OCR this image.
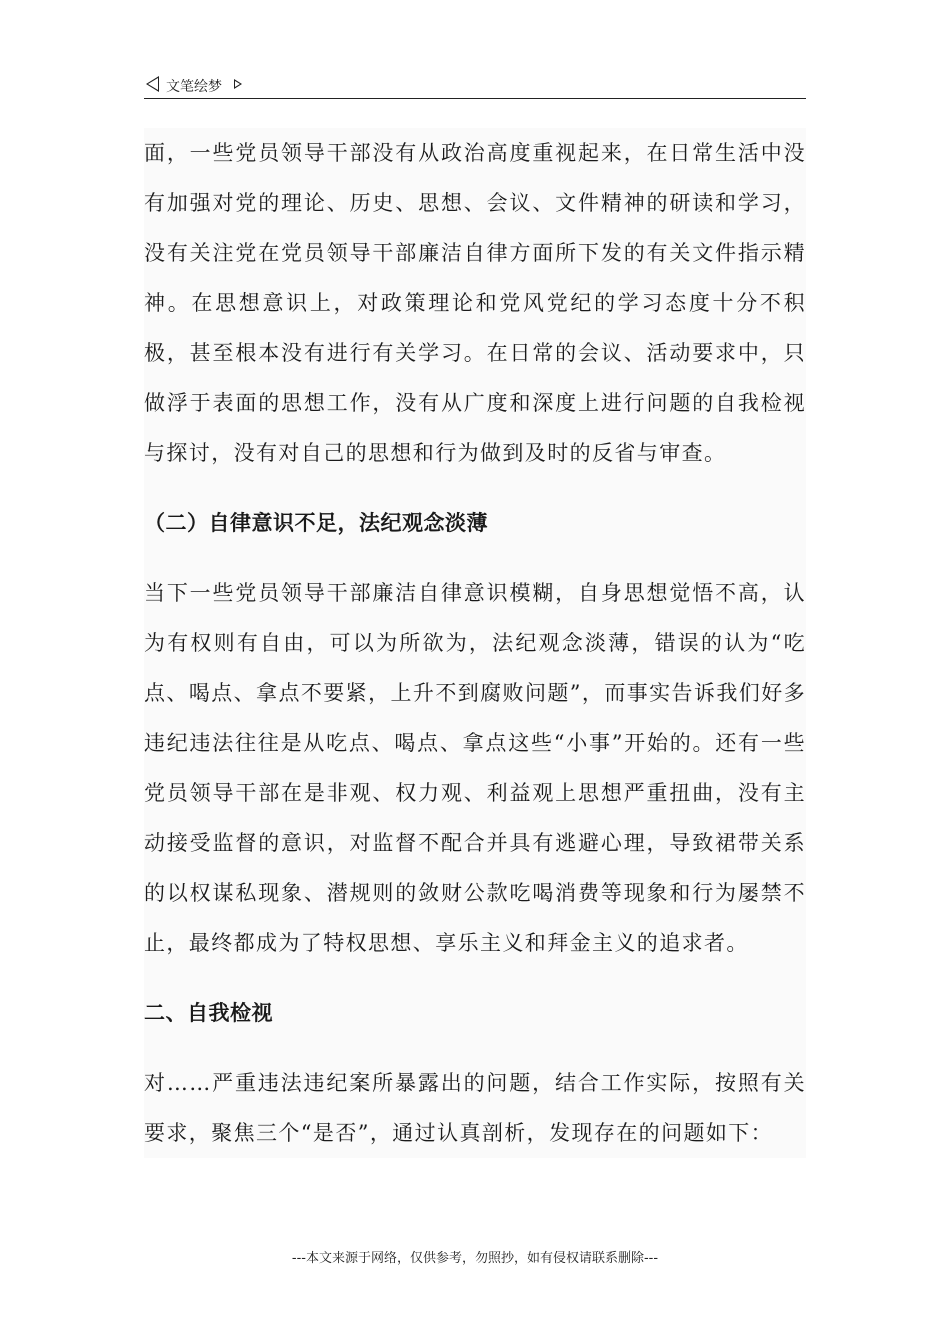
文笔绘梦

面，一些党员领导干部没有从政治高度重视起来，在日常生活中没有加强对党的理论、历史、思想、会议、文件精神的研读和学习，没有关注党在党员领导干部廉洁自律方面所下发的有关文件指示精神。在思想意识上，对政策理论和党风党纪的学习态度十分不积极，甚至根本没有进行有关学习。在日常的会议、活动要求中，只做浮于表面的思想工作，没有从广度和深度上进行问题的自我检视与探讨，没有对自己的思想和行为做到及时的反省与审查。

（二）自律意识不足，法纪观念淡薄

当下一些党员领导干部廉洁自律意识模糊，自身思想觉悟不高，认为有权则有自由，可以为所欲为，法纪观念淡薄，错误的认为“吃点、喝点、拿点不要紧，上升不到腐败问题”，而事实告诉我们好多违纪违法往往是从吃点、喝点、拿点这些“小事”开始的。还有一些党员领导干部在是非观、权力观、利益观上思想严重扭曲，没有主动接受监督的意识，对监督不配合并具有逃避心理，导致裙带关系的以权谋私现象、潜规则的敛财公款吃喝消费等现象和行为屡禁不止，最终都成为了特权思想、享乐主义和拜金主义的追求者。

二、自我检视

对……严重违法违纪案所暴露出的问题，结合工作实际，按照有关要求，聚焦三个“是否”，通过认真剖析，发现存在的问题如下：

---本文来源于网络，仅供参考，勿照抄，如有侵权请联系删除---
